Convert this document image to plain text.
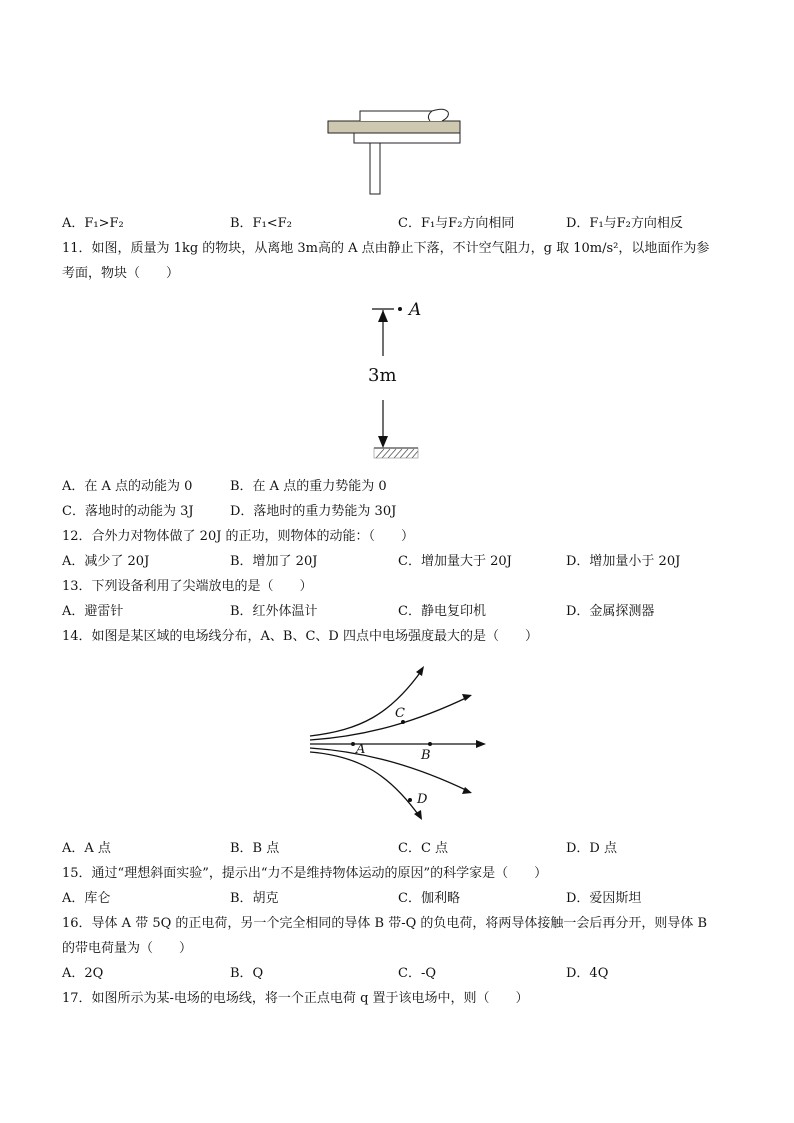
A．F₁>F₂	B．F₁<F₂	C．F₁与F₂方向相同	D．F₁与F₂方向相反
11．如图，质量为 1kg 的物块，从离地 3m高的 A 点由静止下落，不计空气阻力，g 取 10m/s²，以地面作为参
考面，物块（　　）
A
3m
A．在 A 点的动能为 0	B．在 A 点的重力势能为 0
C．落地时的动能为 3J	D．落地时的重力势能为 30J
12．合外力对物体做了 20J 的正功，则物体的动能：（　　）
A．减少了 20J	B．增加了 20J	C．增加量大于 20J	D．增加量小于 20J
13．下列设备利用了尖端放电的是（　　）
A．避雷针	B．红外体温计	C．静电复印机	D．金属探测器
14．如图是某区域的电场线分布，A、B、C、D 四点中电场强度最大的是（　　）
C
A	B
D
A．A 点	B．B 点	C．C 点	D．D 点
15．通过“理想斜面实验”，提示出“力不是维持物体运动的原因”的科学家是（　　）
A．库仑	B．胡克	C．伽利略	D．爱因斯坦
16．导体 A 带 5Q 的正电荷，另一个完全相同的导体 B 带-Q 的负电荷，将两导体接触一会后再分开，则导体 B
的带电荷量为（　　）
A．2Q	B．Q	C．-Q	D．4Q
17．如图所示为某-电场的电场线，将一个正点电荷 q 置于该电场中，则（　　）
